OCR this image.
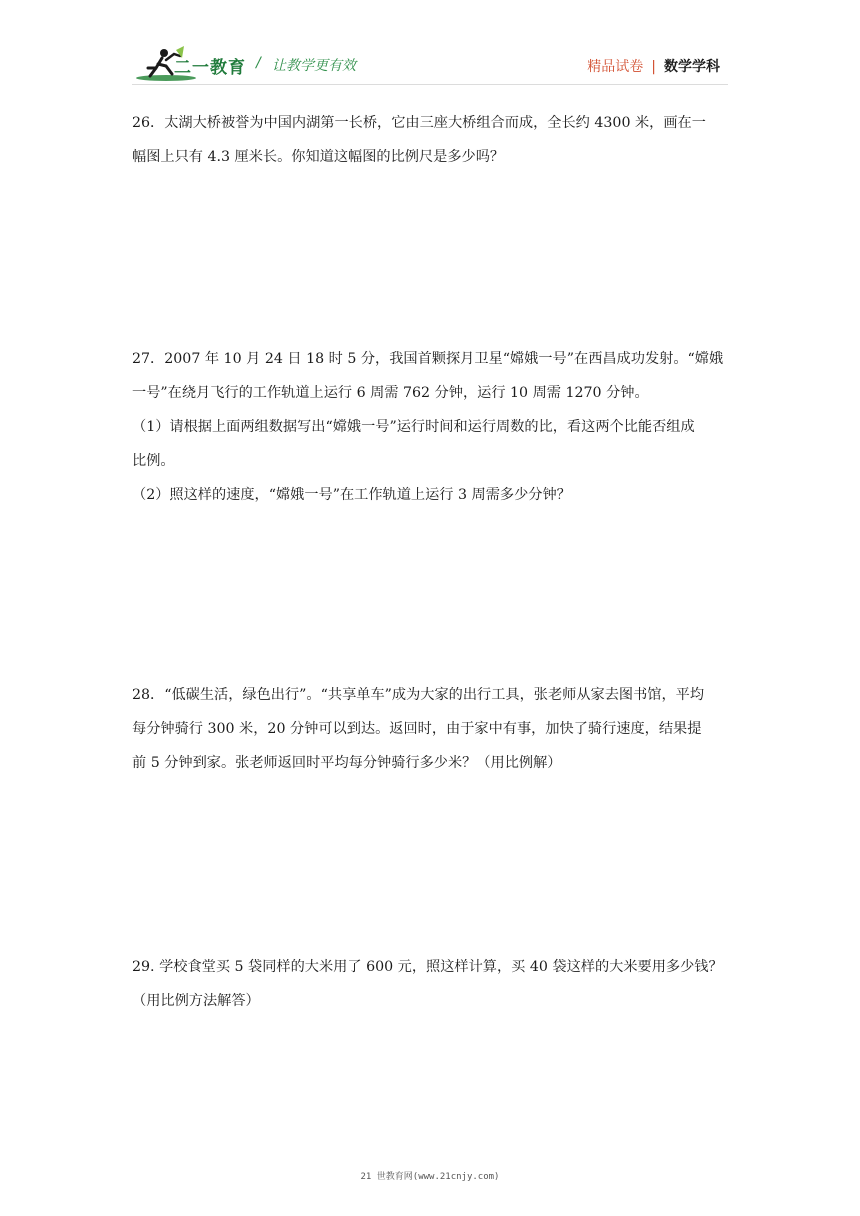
二一教育 / 让教学更有效	精品试卷 | 数学学科

26．太湖大桥被誉为中国内湖第一长桥，它由三座大桥组合而成，全长约 4300 米，画在一

幅图上只有 4.3 厘米长。你知道这幅图的比例尺是多少吗？

27．2007 年 10 月 24 日 18 时 5 分，我国首颗探月卫星“嫦娥一号”在西昌成功发射。“嫦娥

一号”在绕月飞行的工作轨道上运行 6 周需 762 分钟，运行 10 周需 1270 分钟。

（1）请根据上面两组数据写出“嫦娥一号”运行时间和运行周数的比，看这两个比能否组成

比例。

（2）照这样的速度，“嫦娥一号”在工作轨道上运行 3 周需多少分钟？

28．“低碳生活，绿色出行”。“共享单车”成为大家的出行工具，张老师从家去图书馆，平均

每分钟骑行 300 米，20 分钟可以到达。返回时，由于家中有事，加快了骑行速度，结果提

前 5 分钟到家。张老师返回时平均每分钟骑行多少米？（用比例解）

29. 学校食堂买 5 袋同样的大米用了 600 元，照这样计算，买 40 袋这样的大米要用多少钱？

（用比例方法解答）

21 世教育网(www.21cnjy.com)
